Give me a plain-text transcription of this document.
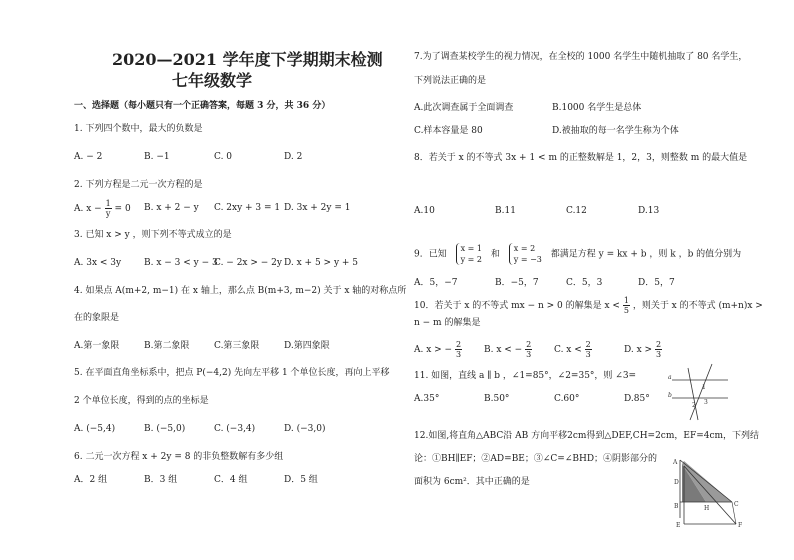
2020—2021 学年度下学期期末检测
七年级数学
一、选择题（每小题只有一个正确答案，每题 3 分，共 36 分）
1. 下列四个数中，最大的负数是
A. − 2	B. −1	C. 0	D. 2
2. 下列方程是二元一次方程的是
A. $x - \frac{1}{y} = 0$ B. x + 2 − y C. 2xy + 3 = 1 D. 3x + 2y = 1
3. 已知 x > y ，则下列不等式成立的是
A. 3x < 3y	B. x − 3 < y − 3
C. − 2x > − 2y D. x + 5 > y + 5
4. 如果点 A(m+2, m−1) 在 x 轴上，那么点 B(m+3, m−2) 关于 x 轴的对称点所
在的象限是
A.第一象限	B.第二象限	C.第三象限	D.第四象限
5. 在平面直角坐标系中，把点 P(−4,2) 先向左平移 1 个单位长度，再向上平移
2 个单位长度，得到的点的坐标是
A. (−5,4)	B. (−5,0)	C. (−3,4)	D. (−3,0)
6. 二元一次方程 x + 2y = 8 的非负整数解有多少组
A．2 组	B．3 组	C．4 组	D．5 组
7.为了调查某校学生的视力情况，在全校的 1000 名学生中随机抽取了 80 名学生，
下列说法正确的是
A.此次调查属于全面调查	B.1000 名学生是总体
C.样本容量是 80	D.被抽取的每一名学生称为个体
8．若关于 x 的不等式 3x + 1 < m 的正整数解是 1，2，3，则整数 m 的最大值是
A.10	B.11	C.12	D.13
9．已知 x = 1
y = 2 和 x = 2
y = −3 都满足方程 y = kx + b ，则 k ，b 的值分别为
A．5，−7	B．−5，7	C．5，3	D．5，7
10．若关于 x 的不等式 mx − n > 0 的解集是 $x < \frac{1}{5}$ ，则关于 x 的不等式 (m+n)x >
n − m 的解集是
A. x > − $\frac{2}{3} B$. x < − $\frac{2}{3} C$. $x < \frac{2}{3}$	D. $x > \frac{2}{3}$
11. 如图，直线 a ∥ b ，∠1=85°，∠2=35°，则 ∠3=
A.35°	B.50°	C.60°	D.85°
a
b
1
2 3
12.如图,将直角△ABC沿 AB 方向平移2cm得到△DEF,CH=2cm，EF=4cm，下列结
论：①BH∥EF；②AD=BE；③∠C=∠BHD；④阴影部分的
面积为 6cm²．其中正确的是
A
D
B	H
C
E	F
